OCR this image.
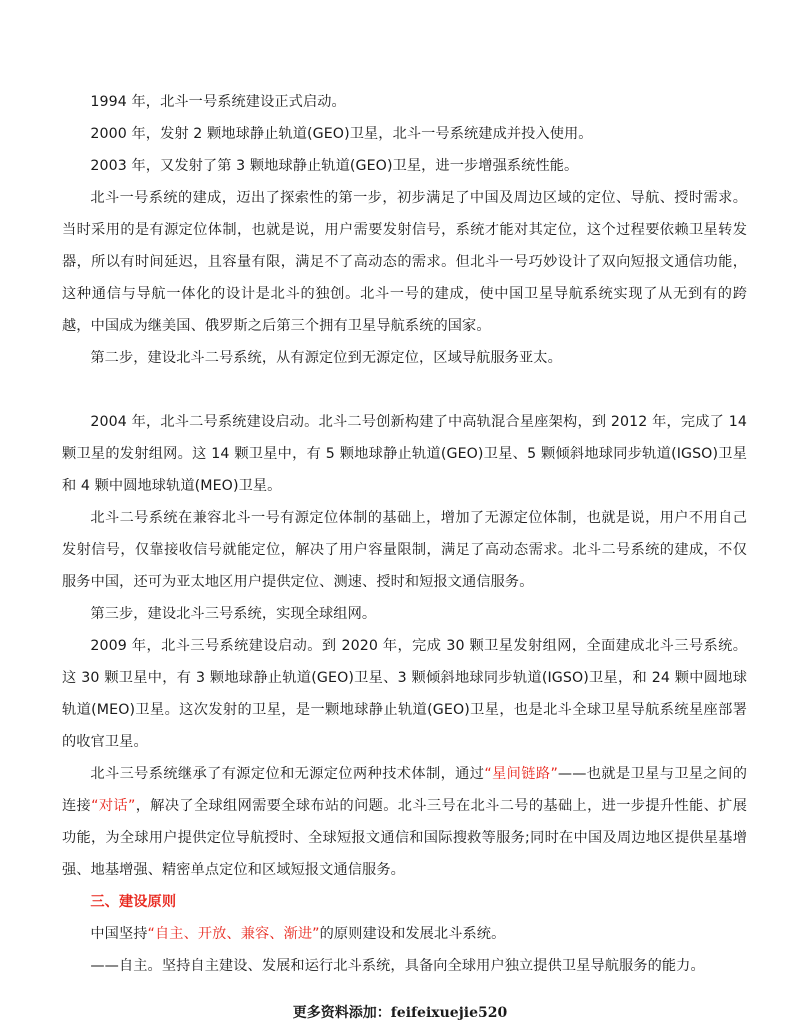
1994 年，北斗一号系统建设正式启动。

2000 年，发射 2 颗地球静止轨道(GEO)卫星，北斗一号系统建成并投入使用。

2003 年，又发射了第 3 颗地球静止轨道(GEO)卫星，进一步增强系统性能。

北斗一号系统的建成，迈出了探索性的第一步，初步满足了中国及周边区域的定位、导航、授时需求。当时采用的是有源定位体制，也就是说，用户需要发射信号，系统才能对其定位，这个过程要依赖卫星转发器，所以有时间延迟，且容量有限，满足不了高动态的需求。但北斗一号巧妙设计了双向短报文通信功能，这种通信与导航一体化的设计是北斗的独创。北斗一号的建成，使中国卫星导航系统实现了从无到有的跨越，中国成为继美国、俄罗斯之后第三个拥有卫星导航系统的国家。

第二步，建设北斗二号系统，从有源定位到无源定位，区域导航服务亚太。

2004 年，北斗二号系统建设启动。北斗二号创新构建了中高轨混合星座架构，到 2012 年，完成了 14 颗卫星的发射组网。这 14 颗卫星中，有 5 颗地球静止轨道(GEO)卫星、5 颗倾斜地球同步轨道(IGSO)卫星和 4 颗中圆地球轨道(MEO)卫星。

北斗二号系统在兼容北斗一号有源定位体制的基础上，增加了无源定位体制，也就是说，用户不用自己发射信号，仅靠接收信号就能定位，解决了用户容量限制，满足了高动态需求。北斗二号系统的建成，不仅服务中国，还可为亚太地区用户提供定位、测速、授时和短报文通信服务。

第三步，建设北斗三号系统，实现全球组网。

2009 年，北斗三号系统建设启动。到 2020 年，完成 30 颗卫星发射组网，全面建成北斗三号系统。这 30 颗卫星中，有 3 颗地球静止轨道(GEO)卫星、3 颗倾斜地球同步轨道(IGSO)卫星，和 24 颗中圆地球轨道(MEO)卫星。这次发射的卫星，是一颗地球静止轨道(GEO)卫星，也是北斗全球卫星导航系统星座部署的收官卫星。

北斗三号系统继承了有源定位和无源定位两种技术体制，通过“星间链路”——也就是卫星与卫星之间的连接“对话”，解决了全球组网需要全球布站的问题。北斗三号在北斗二号的基础上，进一步提升性能、扩展功能，为全球用户提供定位导航授时、全球短报文通信和国际搜救等服务;同时在中国及周边地区提供星基增强、地基增强、精密单点定位和区域短报文通信服务。

三、建设原则

中国坚持“自主、开放、兼容、渐进”的原则建设和发展北斗系统。

——自主。坚持自主建设、发展和运行北斗系统，具备向全球用户独立提供卫星导航服务的能力。

更多资料添加：feifeixuejie520
